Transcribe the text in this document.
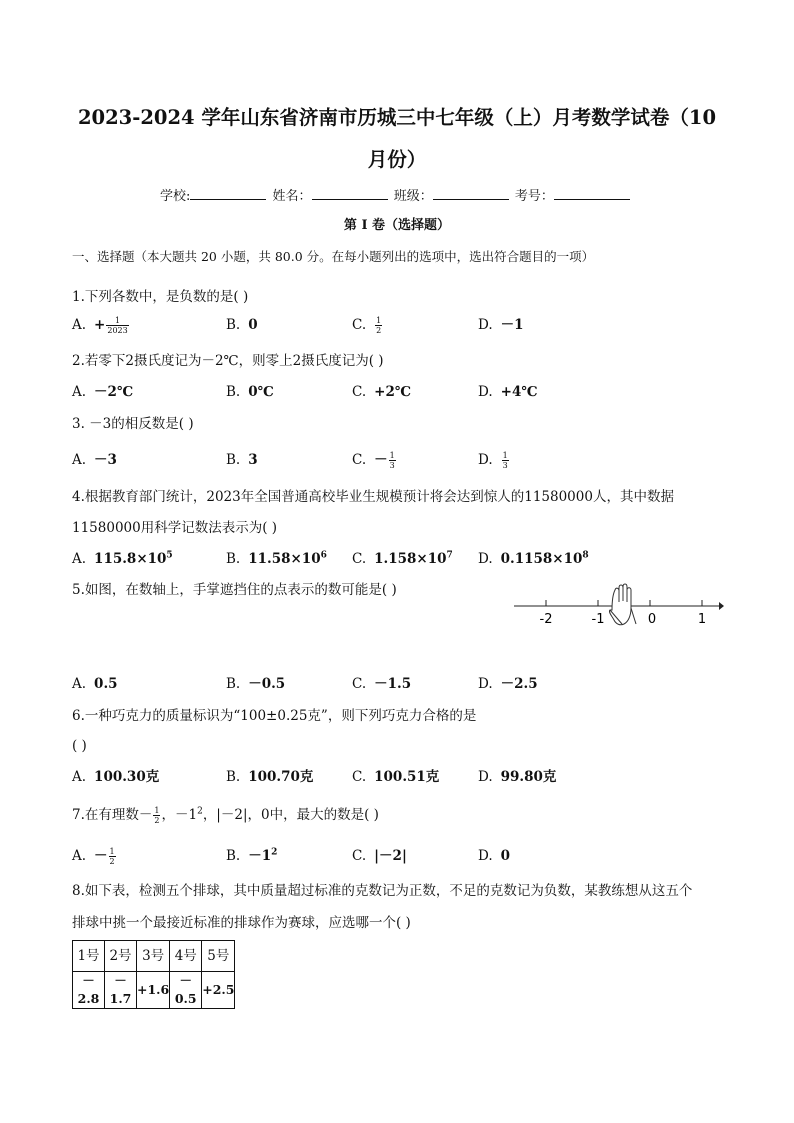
2023-2024 学年山东省济南市历城三中七年级（上）月考数学试卷（10
月份）
学校:	姓名：	班级：	考号：
第 I 卷（选择题）
一、选择题（本大题共 20 小题，共 80.0 分。在每小题列出的选项中，选出符合题目的一项）
1.下列各数中，是负数的是( )
A. + $\frac{1}{2023}$	B. 0	C. $\frac{1}{2}$	D. －1
2.若零下2摄氏度记为－2℃，则零上2摄氏度记为( )
A. －2℃	B. 0℃	C. +2℃	D. +4℃
3. －3的相反数是( )
A. －3	B. 3	C. － $\frac{1}{3}$	D. $\frac{1}{3}$
4.根据教育部门统计，2023年全国普通高校毕业生规模预计将会达到惊人的11580000人，其中数据
11580000用科学记数法表示为( )
A. $115.8\times 10^5$	B. $11.58\times 10^6$ C. $1.158\times 10^7$ D. $0.1158\times 10^8$
5.如图，在数轴上，手掌遮挡住的点表示的数可能是( )
-2	-1	0	1
A. 0.5	B. －0.5	C. －1.5	D. －2.5
6.一种巧克力的质量标识为“100±0.25克”，则下列巧克力合格的是
( )
A. 100.30克	B. 100.70克	C. 100.51克	D. 99.80克
7.在有理数－ $\frac{1}{2}$ ，$-1^2$，|－2|，0中，最大的数是( )
A. － $\frac{1}{2}$	B. $-1^2$	C. |－2|	D. 0
8.如下表，检测五个排球，其中质量超过标准的克数记为正数，不足的克数记为负数，某教练想从这五个
排球中挑一个最接近标准的排球作为赛球，应选哪一个( )
1号	2号	3号	4号	5号
－2.8	－1.7	+1.6	－0.5	+2.5
